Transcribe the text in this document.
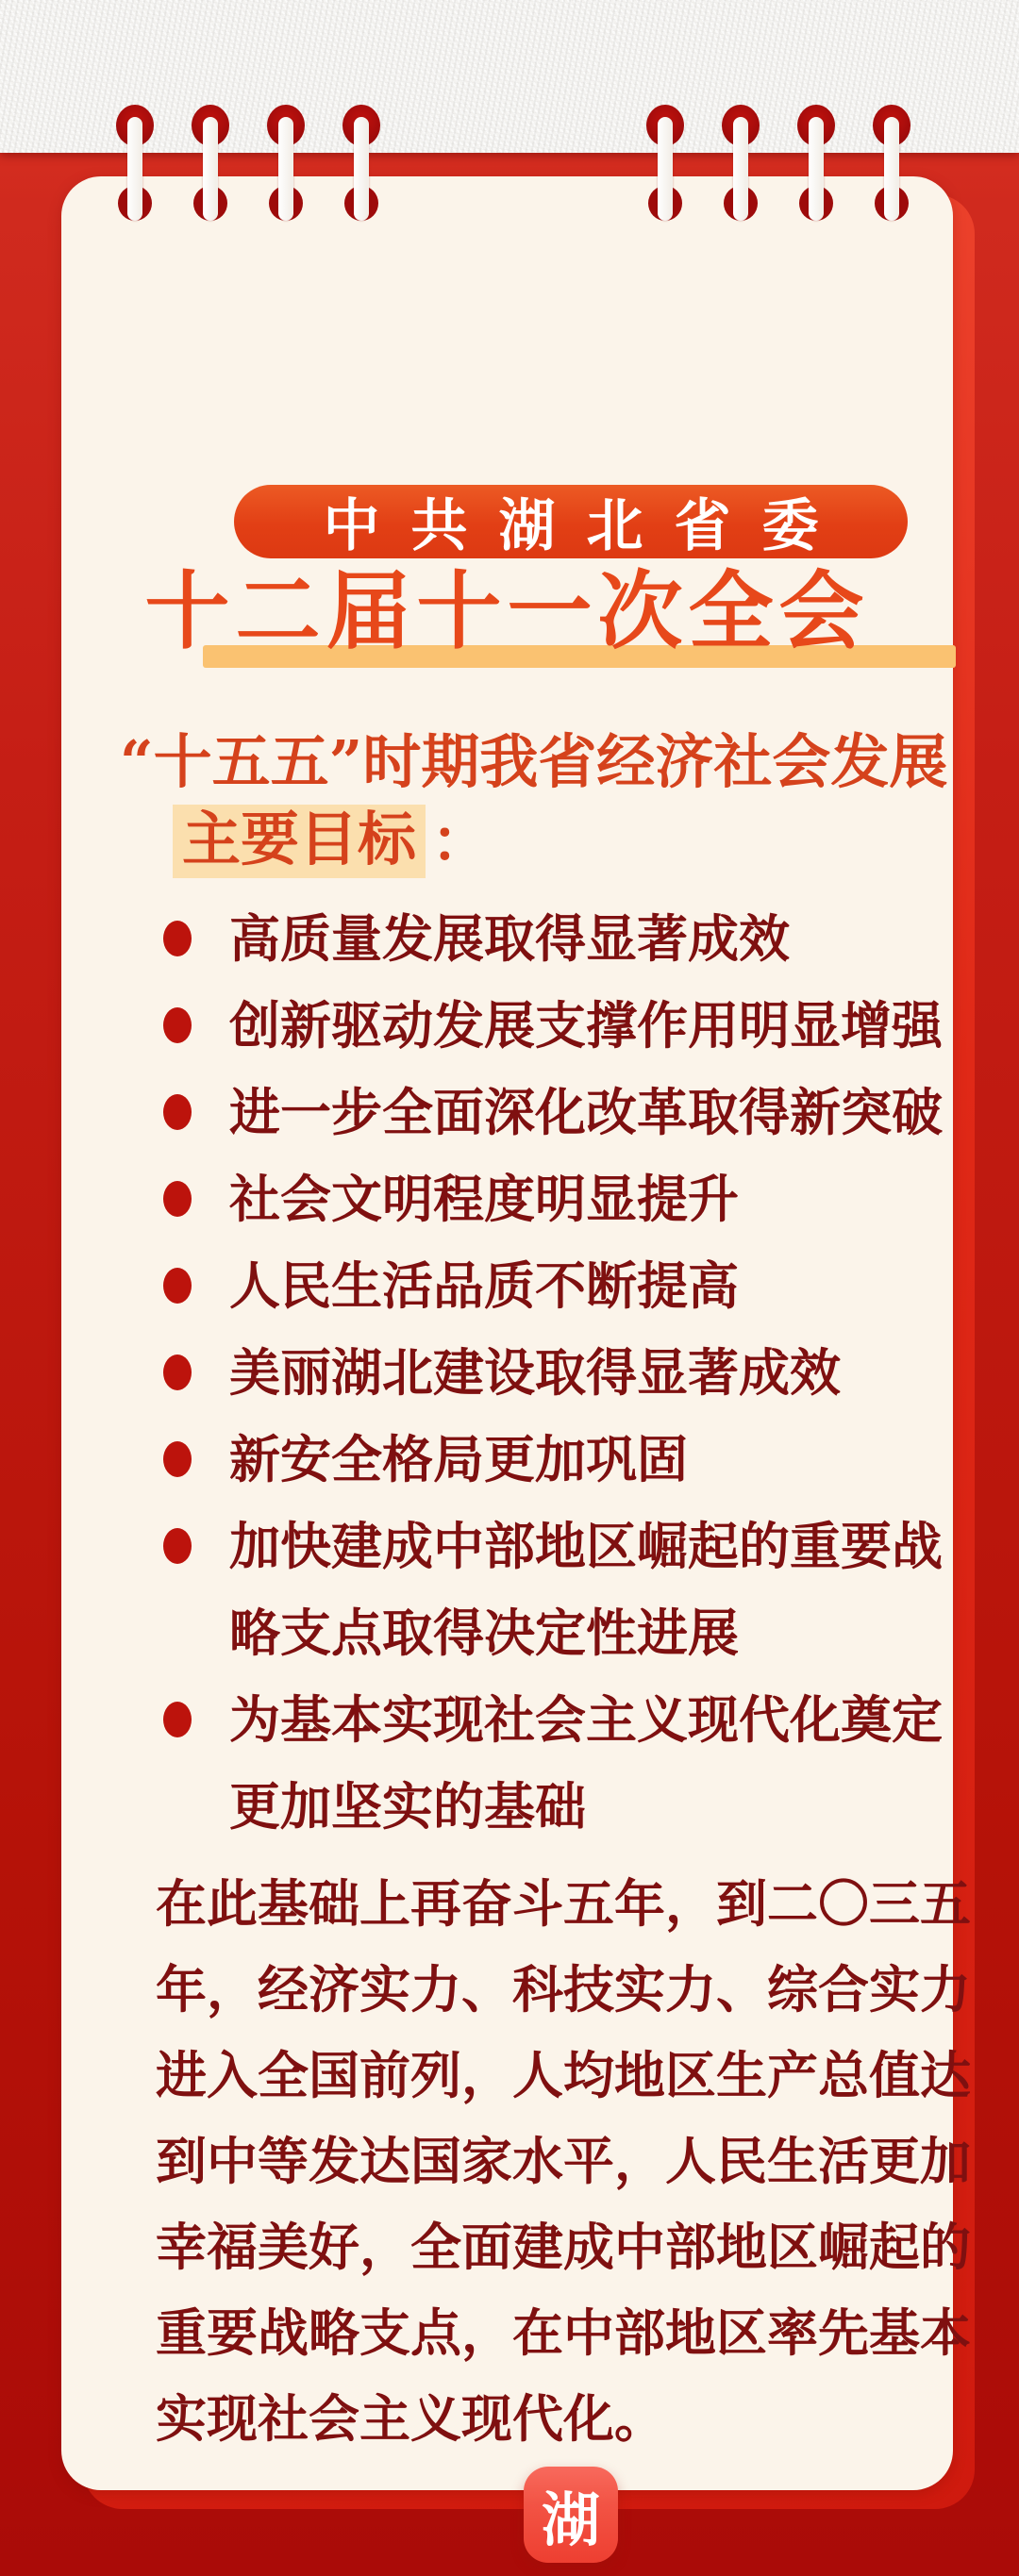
中共湖北省委
十二届十一次全会
“十五五”时期我省经济社会发展
主要目标 ：
高质量发展取得显著成效
创新驱动发展支撑作用明显增强
进一步全面深化改革取得新突破
社会文明程度明显提升
人民生活品质不断提高
美丽湖北建设取得显著成效
新安全格局更加巩固
加快建成中部地区崛起的重要战
略支点取得决定性进展
为基本实现社会主义现代化奠定
更加坚实的基础
在此基础上再奋斗五年，到二〇三五
年，经济实力、科技实力、综合实力
进入全国前列，人均地区生产总值达
到中等发达国家水平，人民生活更加
幸福美好，全面建成中部地区崛起的
重要战略支点，在中部地区率先基本
实现社会主义现代化。
湖
